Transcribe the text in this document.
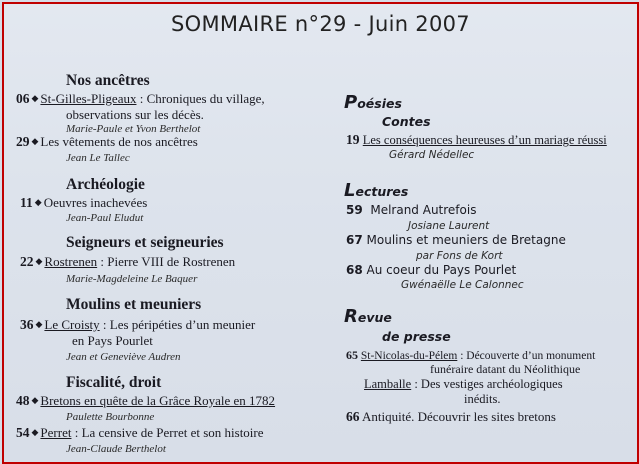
SOMMAIRE n°29 - Juin 2007
Nos ancêtres
06 ◆ St-Gilles-Pligeaux : Chroniques du village,
observations sur les décès.
Marie-Paule et Yvon Berthelot
29 ◆ Les vêtements de nos ancêtres
Jean Le Tallec
Archéologie
11 ◆ Oeuvres inachevées
Jean-Paul Eludut
Seigneurs et seigneuries
22 ◆ Rostrenen : Pierre VIII de Rostrenen
Marie-Magdeleine Le Baquer
Moulins et meuniers
36 ◆ Le Croisty : Les péripéties d’un meunier
en Pays Pourlet
Jean et Geneviève Audren
Fiscalité, droit
48 ◆ Bretons en quête de la Grâce Royale en 1782
Paulette Bourbonne
54 ◆ Perret : La censive de Perret et son histoire
Jean-Claude Berthelot
Poésies
Contes
19 Les conséquences heureuses d’un mariage réussi
Gérard Nédellec
Lectures
59 Melrand Autrefois
Josiane Laurent
67 Moulins et meuniers de Bretagne
par Fons de Kort
68 Au coeur du Pays Pourlet
Gwénaëlle Le Calonnec
Revue
de presse
65 St-Nicolas-du-Pélem : Découverte d’un monument
funéraire datant du Néolithique
Lamballe : Des vestiges archéologiques
inédits.
66 Antiquité. Découvrir les sites bretons
